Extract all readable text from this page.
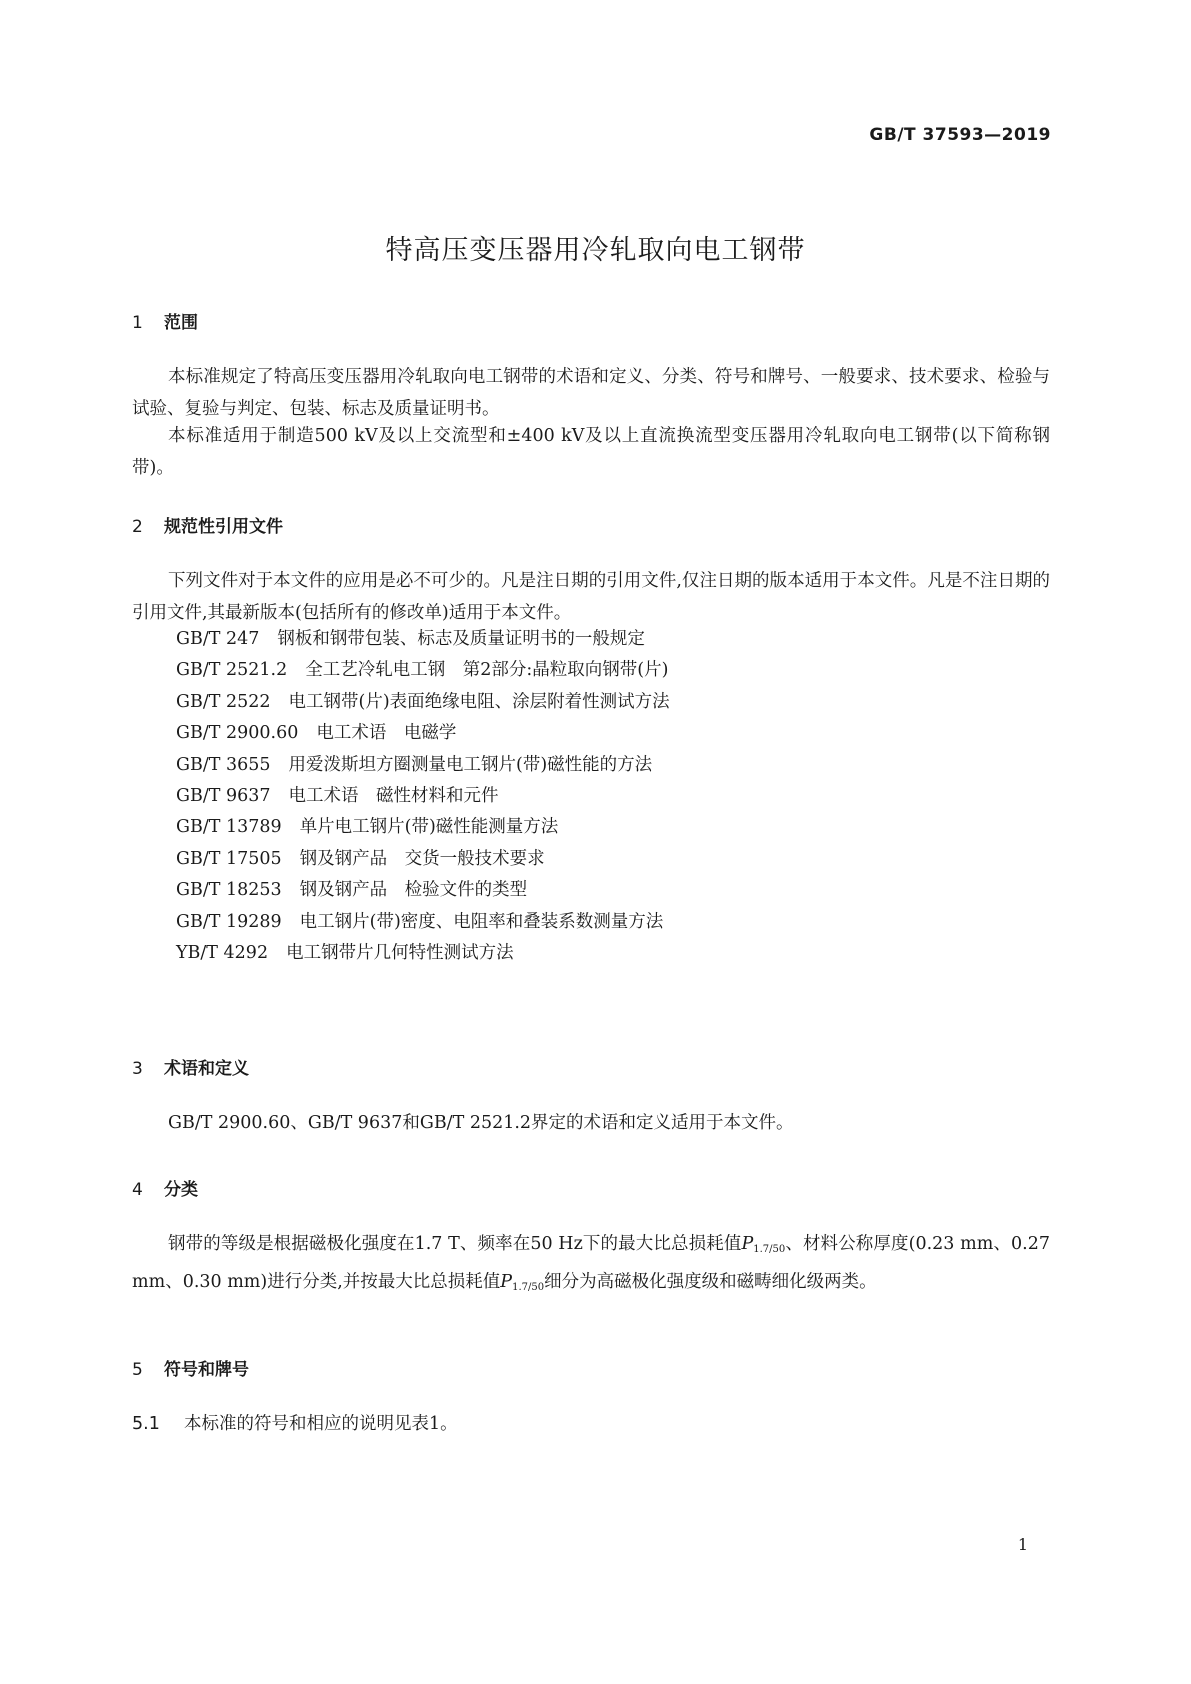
GB/T 37593—2019
特高压变压器用冷轧取向电工钢带
1 范围
本标准规定了特高压变压器用冷轧取向电工钢带的术语和定义、分类、符号和牌号、一般要求、技术要求、检验与试验、复验与判定、包装、标志及质量证明书。
本标准适用于制造500 kV及以上交流型和±400 kV及以上直流换流型变压器用冷轧取向电工钢带(以下简称钢带)。
2 规范性引用文件
下列文件对于本文件的应用是必不可少的。凡是注日期的引用文件,仅注日期的版本适用于本文件。凡是不注日期的引用文件,其最新版本(包括所有的修改单)适用于本文件。
GB/T 247 钢板和钢带包装、标志及质量证明书的一般规定
GB/T 2521.2 全工艺冷轧电工钢　第2部分:晶粒取向钢带(片)
GB/T 2522 电工钢带(片)表面绝缘电阻、涂层附着性测试方法
GB/T 2900.60 电工术语　电磁学
GB/T 3655 用爱泼斯坦方圈测量电工钢片(带)磁性能的方法
GB/T 9637 电工术语　磁性材料和元件
GB/T 13789 单片电工钢片(带)磁性能测量方法
GB/T 17505 钢及钢产品　交货一般技术要求
GB/T 18253 钢及钢产品　检验文件的类型
GB/T 19289 电工钢片(带)密度、电阻率和叠装系数测量方法
YB/T 4292 电工钢带片几何特性测试方法
3 术语和定义
GB/T 2900.60、GB/T 9637和GB/T 2521.2界定的术语和定义适用于本文件。
4 分类
钢带的等级是根据磁极化强度在1.7 T、频率在50 Hz下的最大比总损耗值$P_{1.7/50}$、材料公称厚度(0.23 mm、0.27 mm、0.30 mm)进行分类,并按最大比总损耗值$P_{1.7/50}$细分为高磁极化强度级和磁畴细化级两类。
5 符号和牌号
5.1 本标准的符号和相应的说明见表1。
1
